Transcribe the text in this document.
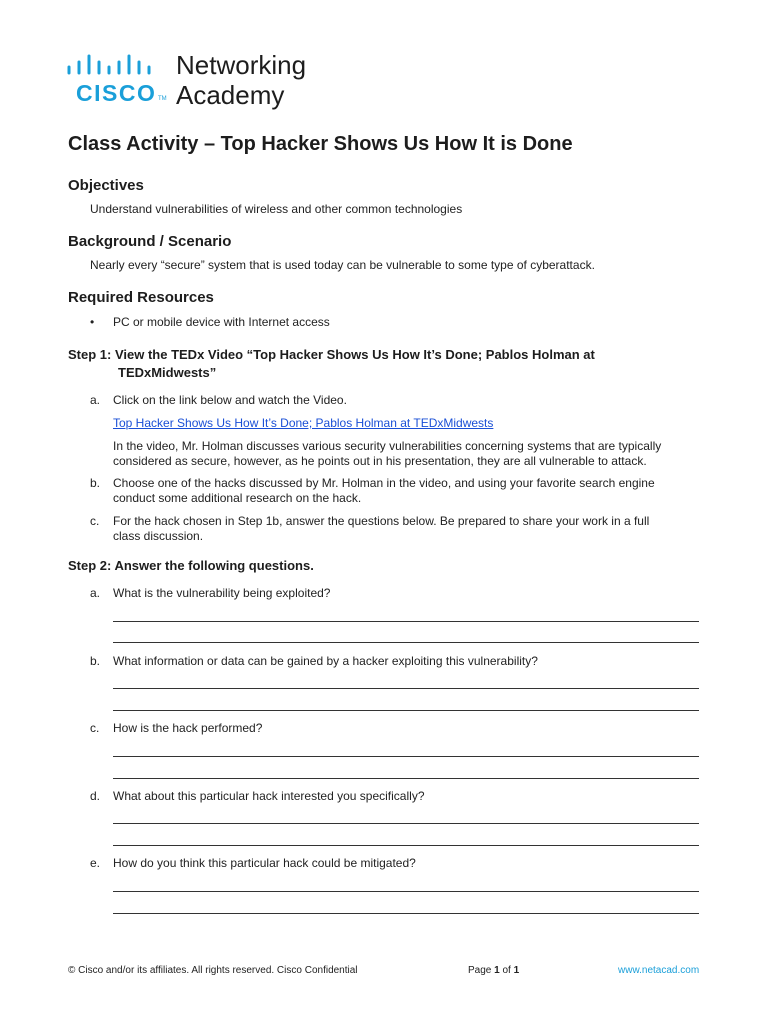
CISCO TM
Networking
Academy
Class Activity – Top Hacker Shows Us How It is Done
Objectives

Understand vulnerabilities of wireless and other common technologies

Background / Scenario

Nearly every “secure” system that is used today can be vulnerable to some type of cyberattack.

Required Resources
• PC or mobile device with Internet access

Step 1: View the TEDx Video “Top Hacker Shows Us How It’s Done; Pablos Holman at
TEDxMidwests”
a. Click on the link below and watch the Video.

Top Hacker Shows Us How It’s Done; Pablos Holman at TEDxMidwests

In the video, Mr. Holman discusses various security vulnerabilities concerning systems that are typically

considered as secure, however, as he points out in his presentation, they are all vulnerable to attack.

b. Choose one of the hacks discussed by Mr. Holman in the video, and using your favorite search engine

conduct some additional research on the hack.

c. For the hack chosen in Step 1b, answer the questions below. Be prepared to share your work in a full

class discussion.

Step 2: Answer the following questions.
a. What is the vulnerability being exploited?

b. What information or data can be gained by a hacker exploiting this vulnerability?

c. How is the hack performed?

d. What about this particular hack interested you specifically?

e. How do you think this particular hack could be mitigated?

© Cisco and/or its affiliates. All rights reserved. Cisco Confidential	Page 1 of 1	www.netacad.com
